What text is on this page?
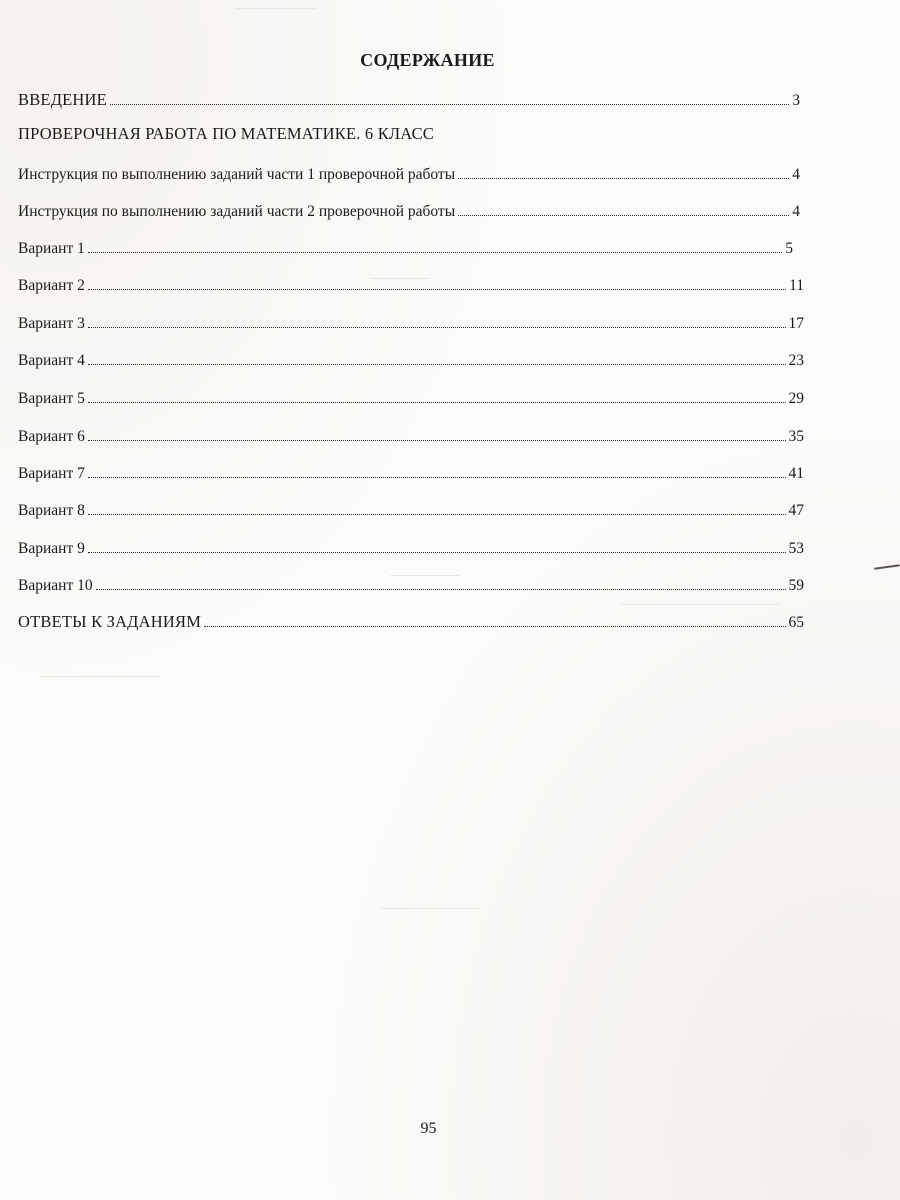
СОДЕРЖАНИЕ
ВВЕДЕНИЕ	3
ПРОВЕРОЧНАЯ РАБОТА ПО МАТЕМАТИКЕ. 6 КЛАСС
Инструкция по выполнению заданий части 1 проверочной работы	4
Инструкция по выполнению заданий части 2 проверочной работы	4
Вариант 1	5
Вариант 2	11
Вариант 3	17
Вариант 4	23
Вариант 5	29
Вариант 6	35
Вариант 7	41
Вариант 8	47
Вариант 9	53
Вариант 10	59
ОТВЕТЫ К ЗАДАНИЯМ	65
95
